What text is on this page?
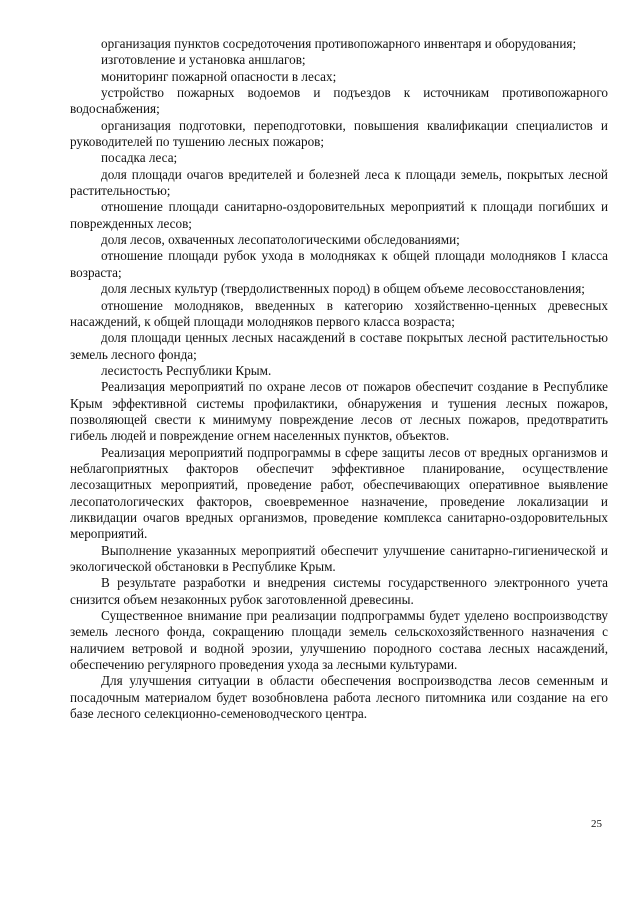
организация пунктов сосредоточения противопожарного инвентаря и оборудования;

изготовление и установка аншлагов;

мониторинг пожарной опасности в лесах;

устройство пожарных водоемов и подъездов к источникам противопожарного водоснабжения;

организация подготовки, переподготовки, повышения квалификации специалистов и руководителей по тушению лесных пожаров;

посадка леса;

доля площади очагов вредителей и болезней леса к площади земель, покрытых лесной растительностью;

отношение площади санитарно-оздоровительных мероприятий к площади погибших и поврежденных лесов;

доля лесов, охваченных лесопатологическими обследованиями;

отношение площади рубок ухода в молодняках к общей площади молодняков I класса возраста;

доля лесных культур (твердолиственных пород) в общем объеме лесовосстановления;

отношение молодняков, введенных в категорию хозяйственно-ценных древесных насаждений, к общей площади молодняков первого класса возраста;

доля площади ценных лесных насаждений в составе покрытых лесной растительностью земель лесного фонда;

лесистость Республики Крым.

Реализация мероприятий по охране лесов от пожаров обеспечит создание в Республике Крым эффективной системы профилактики, обнаружения и тушения лесных пожаров, позволяющей свести к минимуму повреждение лесов от лесных пожаров, предотвратить гибель людей и повреждение огнем населенных пунктов, объектов.

Реализация мероприятий подпрограммы в сфере защиты лесов от вредных организмов и неблагоприятных факторов обеспечит эффективное планирование, осуществление лесозащитных мероприятий, проведение работ, обеспечивающих оперативное выявление лесопатологических факторов, своевременное назначение, проведение локализации и ликвидации очагов вредных организмов, проведение комплекса санитарно-оздоровительных мероприятий.

Выполнение указанных мероприятий обеспечит улучшение санитарно-гигиенической и экологической обстановки в Республике Крым.

В результате разработки и внедрения системы государственного электронного учета снизится объем незаконных рубок заготовленной древесины.

Существенное внимание при реализации подпрограммы будет уделено воспроизводству земель лесного фонда, сокращению площади земель сельскохозяйственного назначения с наличием ветровой и водной эрозии, улучшению породного состава лесных насаждений, обеспечению регулярного проведения ухода за лесными культурами.

Для улучшения ситуации в области обеспечения воспроизводства лесов семенным и посадочным материалом будет возобновлена работа лесного питомника или создание на его базе лесного селекционно-семеноводческого центра.

25
